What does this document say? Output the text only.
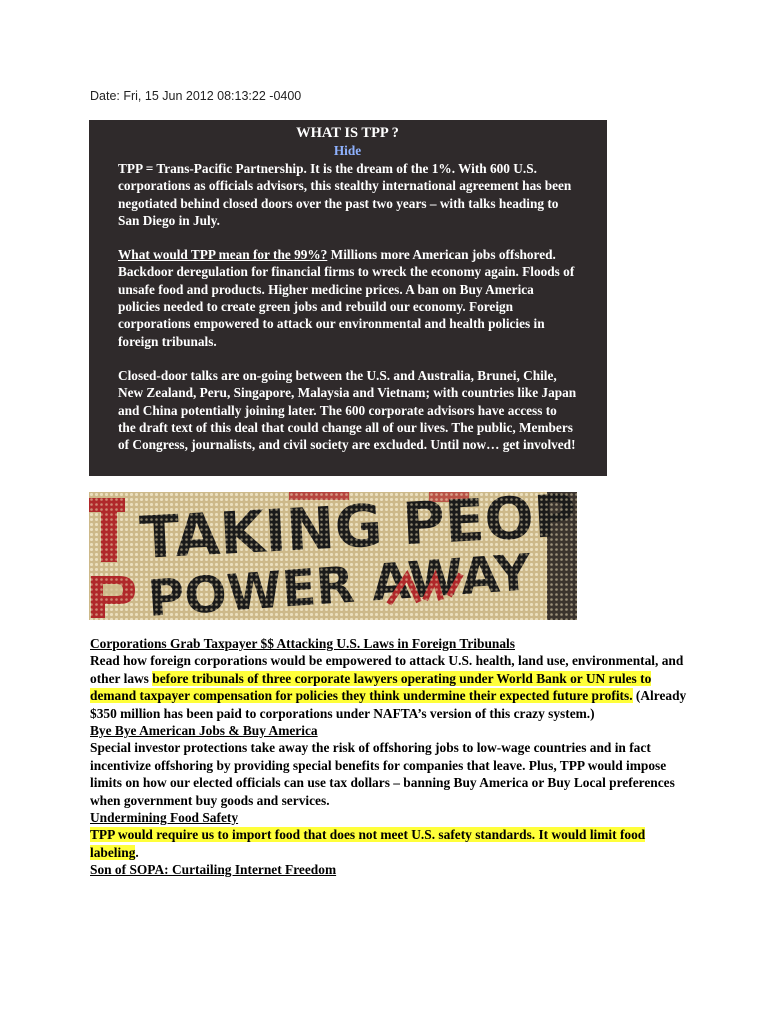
Date: Fri, 15 Jun 2012 08:13:22 -0400
WHAT IS TPP ?
Hide

TPP = Trans-Pacific Partnership. It is the dream of the 1%. With 600 U.S. corporations as officials advisors, this stealthy international agreement has been negotiated behind closed doors over the past two years – with talks heading to San Diego in July.

What would TPP mean for the 99%? Millions more American jobs offshored. Backdoor deregulation for financial firms to wreck the economy again. Floods of unsafe food and products. Higher medicine prices. A ban on Buy America policies needed to create green jobs and rebuild our economy. Foreign corporations empowered to attack our environmental and health policies in foreign tribunals.

Closed-door talks are on-going between the U.S. and Australia, Brunei, Chile, New Zealand, Peru, Singapore, Malaysia and Vietnam; with countries like Japan and China potentially joining later. The 600 corporate advisors have access to the draft text of this deal that could change all of our lives. The public, Members of Congress, journalists, and civil society are excluded. Until now… get involved!

Corporations Grab Taxpayer $$ Attacking U.S. Laws in Foreign Tribunals

Read how foreign corporations would be empowered to attack U.S. health, land use, environmental, and other laws before tribunals of three corporate lawyers operating under World Bank or UN rules to demand taxpayer compensation for policies they think undermine their expected future profits. (Already $350 million has been paid to corporations under NAFTA’s version of this crazy system.)

Bye Bye American Jobs & Buy America

Special investor protections take away the risk of offshoring jobs to low-wage countries and in fact incentivize offshoring by providing special benefits for companies that leave. Plus, TPP would impose limits on how our elected officials can use tax dollars – banning Buy America or Buy Local preferences when government buy goods and services.

Undermining Food Safety

TPP would require us to import food that does not meet U.S. safety standards. It would limit food labeling.

Son of SOPA: Curtailing Internet Freedom
